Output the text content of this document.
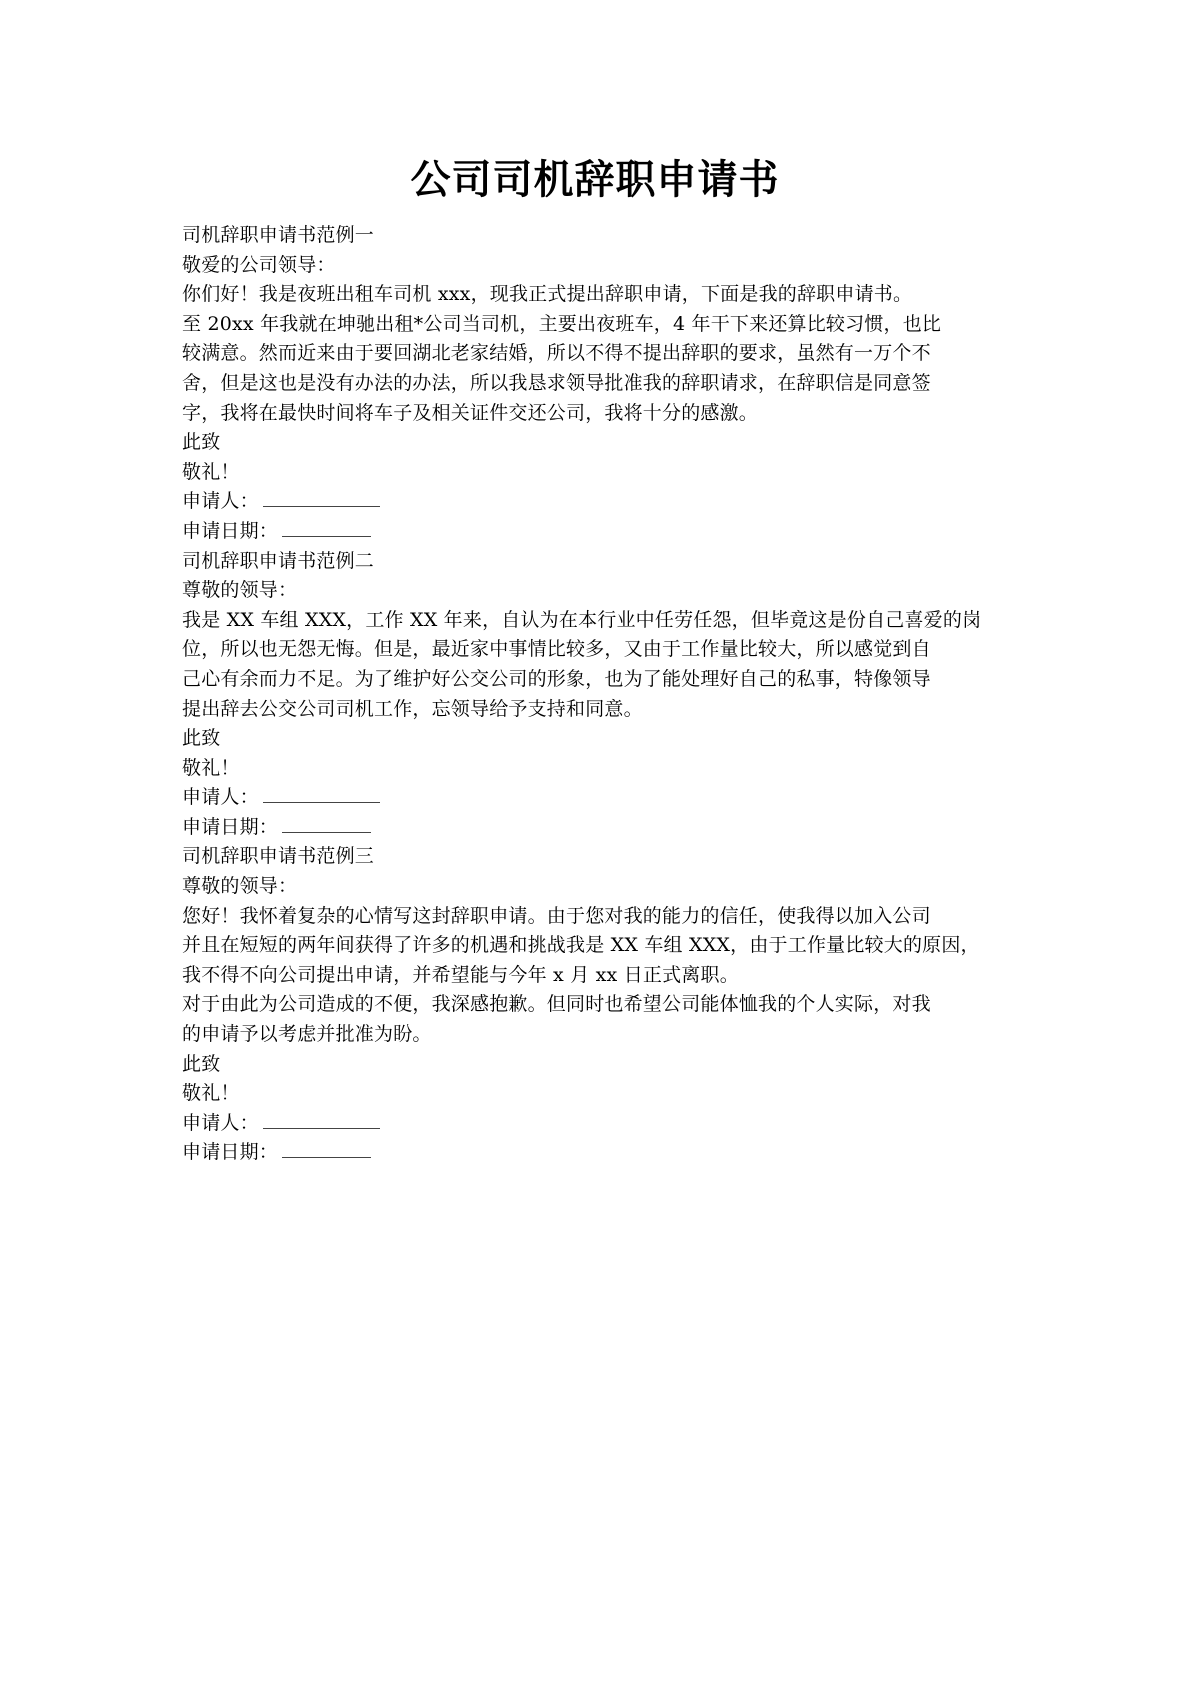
公司司机辞职申请书
司机辞职申请书范例一
敬爱的公司领导：
你们好！我是夜班出租车司机 xxx，现我正式提出辞职申请，下面是我的辞职申请书。
至 20xx 年我就在坤驰出租*公司当司机，主要出夜班车，4 年干下来还算比较习惯，也比
较满意。然而近来由于要回湖北老家结婚，所以不得不提出辞职的要求，虽然有一万个不
舍，但是这也是没有办法的办法，所以我恳求领导批准我的辞职请求，在辞职信是同意签
字，我将在最快时间将车子及相关证件交还公司，我将十分的感激。
此致
敬礼！
申请人：
申请日期：
司机辞职申请书范例二
尊敬的领导：
我是 XX 车组 XXX，工作 XX 年来，自认为在本行业中任劳任怨，但毕竟这是份自己喜爱的岗
位，所以也无怨无悔。但是，最近家中事情比较多，又由于工作量比较大，所以感觉到自
己心有余而力不足。为了维护好公交公司的形象，也为了能处理好自己的私事，特像领导
提出辞去公交公司司机工作，忘领导给予支持和同意。
此致
敬礼！
申请人：
申请日期：
司机辞职申请书范例三
尊敬的领导：
您好！我怀着复杂的心情写这封辞职申请。由于您对我的能力的信任，使我得以加入公司
并且在短短的两年间获得了许多的机遇和挑战我是 XX 车组 XXX，由于工作量比较大的原因，
我不得不向公司提出申请，并希望能与今年 x 月 xx 日正式离职。
对于由此为公司造成的不便，我深感抱歉。但同时也希望公司能体恤我的个人实际，对我
的申请予以考虑并批准为盼。
此致
敬礼！
申请人：
申请日期：
